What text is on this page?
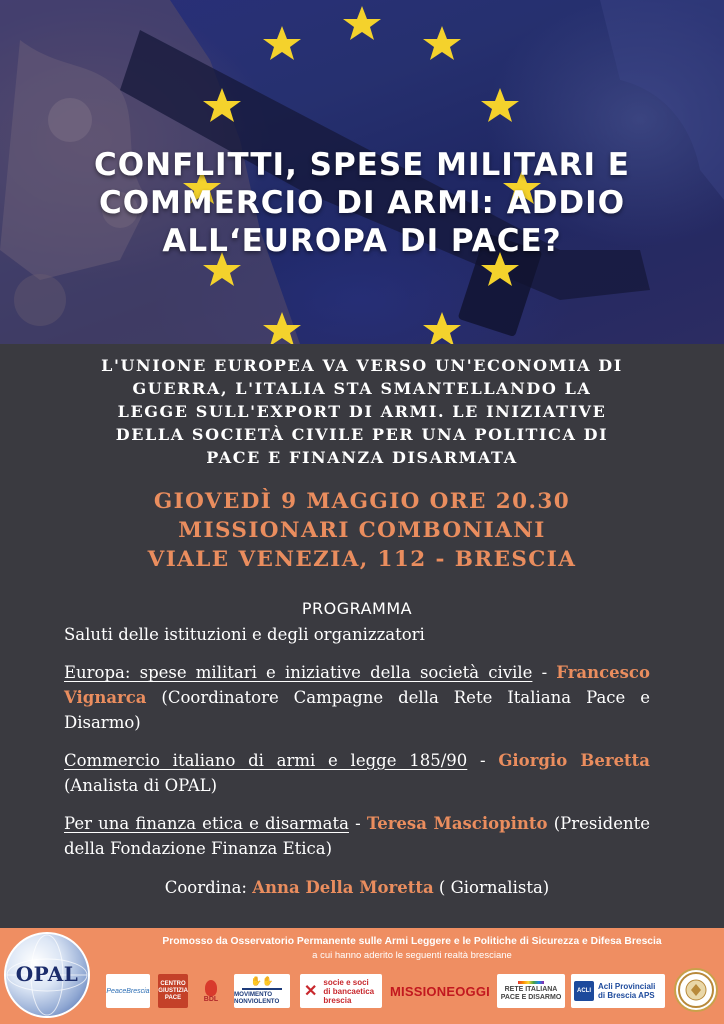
CONFLITTI, SPESE MILITARI E
COMMERCIO DI ARMI: ADDIO
ALL‘EUROPA DI PACE?
L'UNIONE EUROPEA VA VERSO UN'ECONOMIA DI
GUERRA, L'ITALIA STA SMANTELLANDO LA
LEGGE SULL'EXPORT DI ARMI. LE INIZIATIVE
DELLA SOCIETÀ CIVILE PER UNA POLITICA DI
PACE E FINANZA DISARMATA
GIOVEDÌ 9 MAGGIO ORE 20.30
MISSIONARI COMBONIANI
VIALE VENEZIA, 112 - BRESCIA
PROGRAMMA

Saluti delle istituzioni e degli organizzatori

Europa: spese militari e iniziative della società civile - Francesco Vignarca (Coordinatore Campagne della Rete Italiana Pace e Disarmo)

Commercio italiano di armi e legge 185/90 - Giorgio Beretta (Analista di OPAL)

Per una finanza etica e disarmata - Teresa Masciopinto (Presidente della Fondazione Finanza Etica)

Coordina: Anna Della Moretta ( Giornalista)

OPAL
Promosso da Osservatorio Permanente sulle Armi Leggere e le Politiche di Sicurezza e Difesa Brescia
a cui hanno aderito le seguenti realtà bresciane
PeaceBrescia
CENTRO GIUSTIZIA PACE	BDL
✋✋
MOVIMENTO NONVIOLENTO
✕
socie e soci
di bancaetica
brescia
MISSIONEOGGI RETE ITALIANA
PACE E DISARMO
ACLI Acli Provinciali
di Brescia APS
